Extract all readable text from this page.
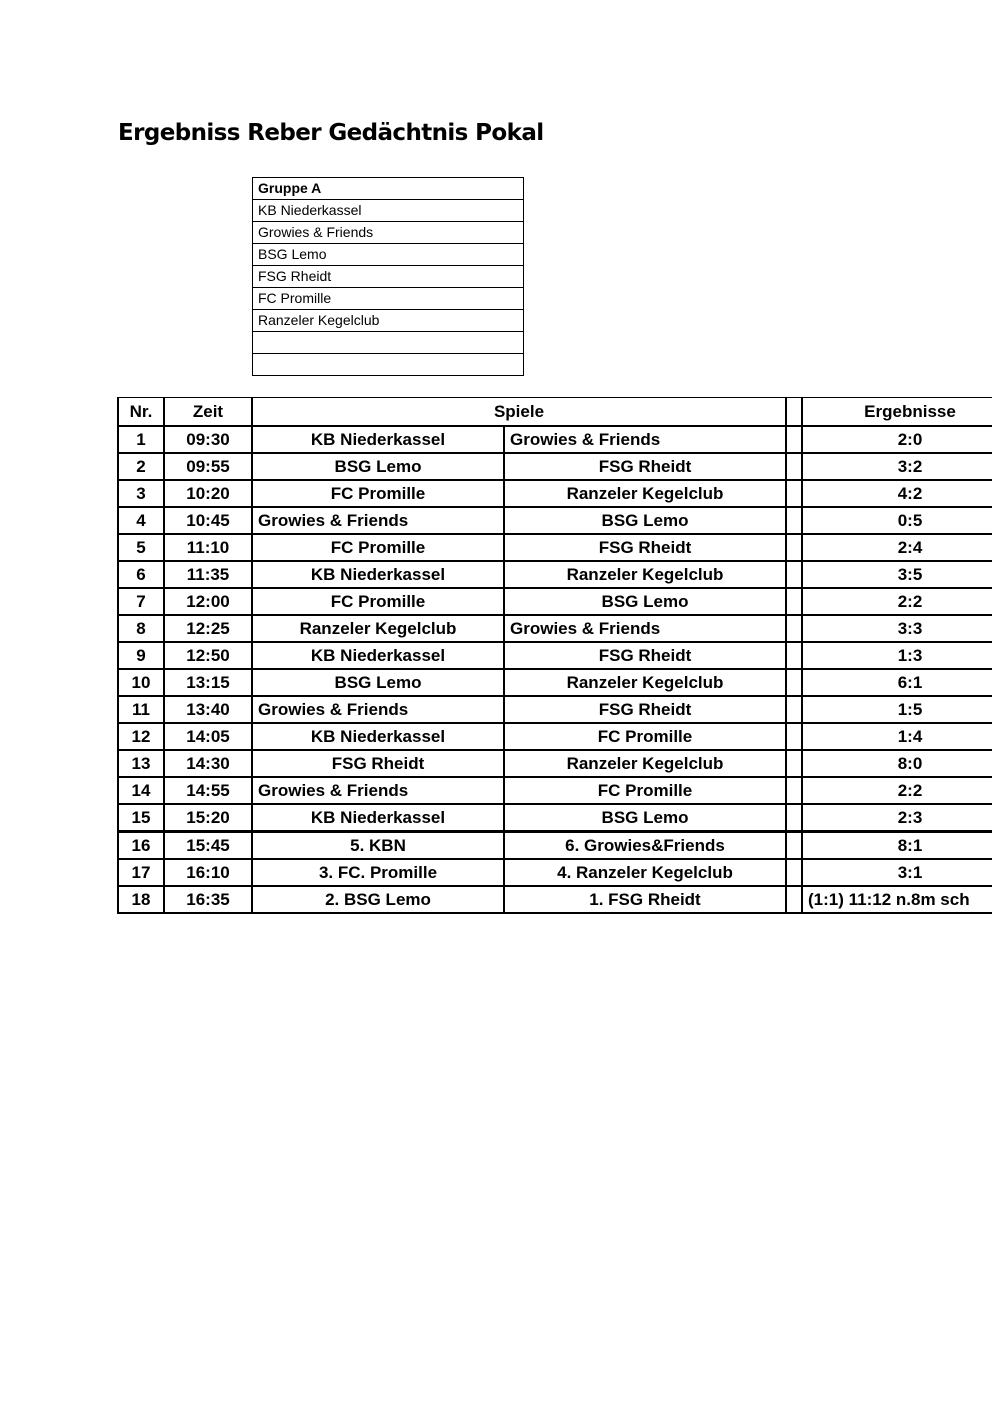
Ergebniss Reber Gedächtnis Pokal
Gruppe A
KB Niederkassel
Growies & Friends
BSG Lemo
FSG Rheidt
FC Promille
Ranzeler Kegelclub

Nr.	Zeit	Spiele			Ergebnisse
1	09:30	KB Niederkassel	Growies & Friends		2:0
2	09:55	BSG Lemo	FSG Rheidt		3:2
3	10:20	FC Promille	Ranzeler Kegelclub		4:2
4	10:45	Growies & Friends	BSG Lemo		0:5
5	11:10	FC Promille	FSG Rheidt		2:4
6	11:35	KB Niederkassel	Ranzeler Kegelclub		3:5
7	12:00	FC Promille	BSG Lemo		2:2
8	12:25	Ranzeler Kegelclub	Growies & Friends		3:3
9	12:50	KB Niederkassel	FSG Rheidt		1:3
10	13:15	BSG Lemo	Ranzeler Kegelclub		6:1
11	13:40	Growies & Friends	FSG Rheidt		1:5
12	14:05	KB Niederkassel	FC Promille		1:4
13	14:30	FSG Rheidt	Ranzeler Kegelclub		8:0
14	14:55	Growies & Friends	FC Promille		2:2
15	15:20	KB Niederkassel	BSG Lemo		2:3
16	15:45	5. KBN	6. Growies&Friends		8:1
17	16:10	3. FC. Promille	4. Ranzeler Kegelclub		3:1
18	16:35	2. BSG Lemo	1. FSG Rheidt		(1:1) 11:12 n.8m sch
